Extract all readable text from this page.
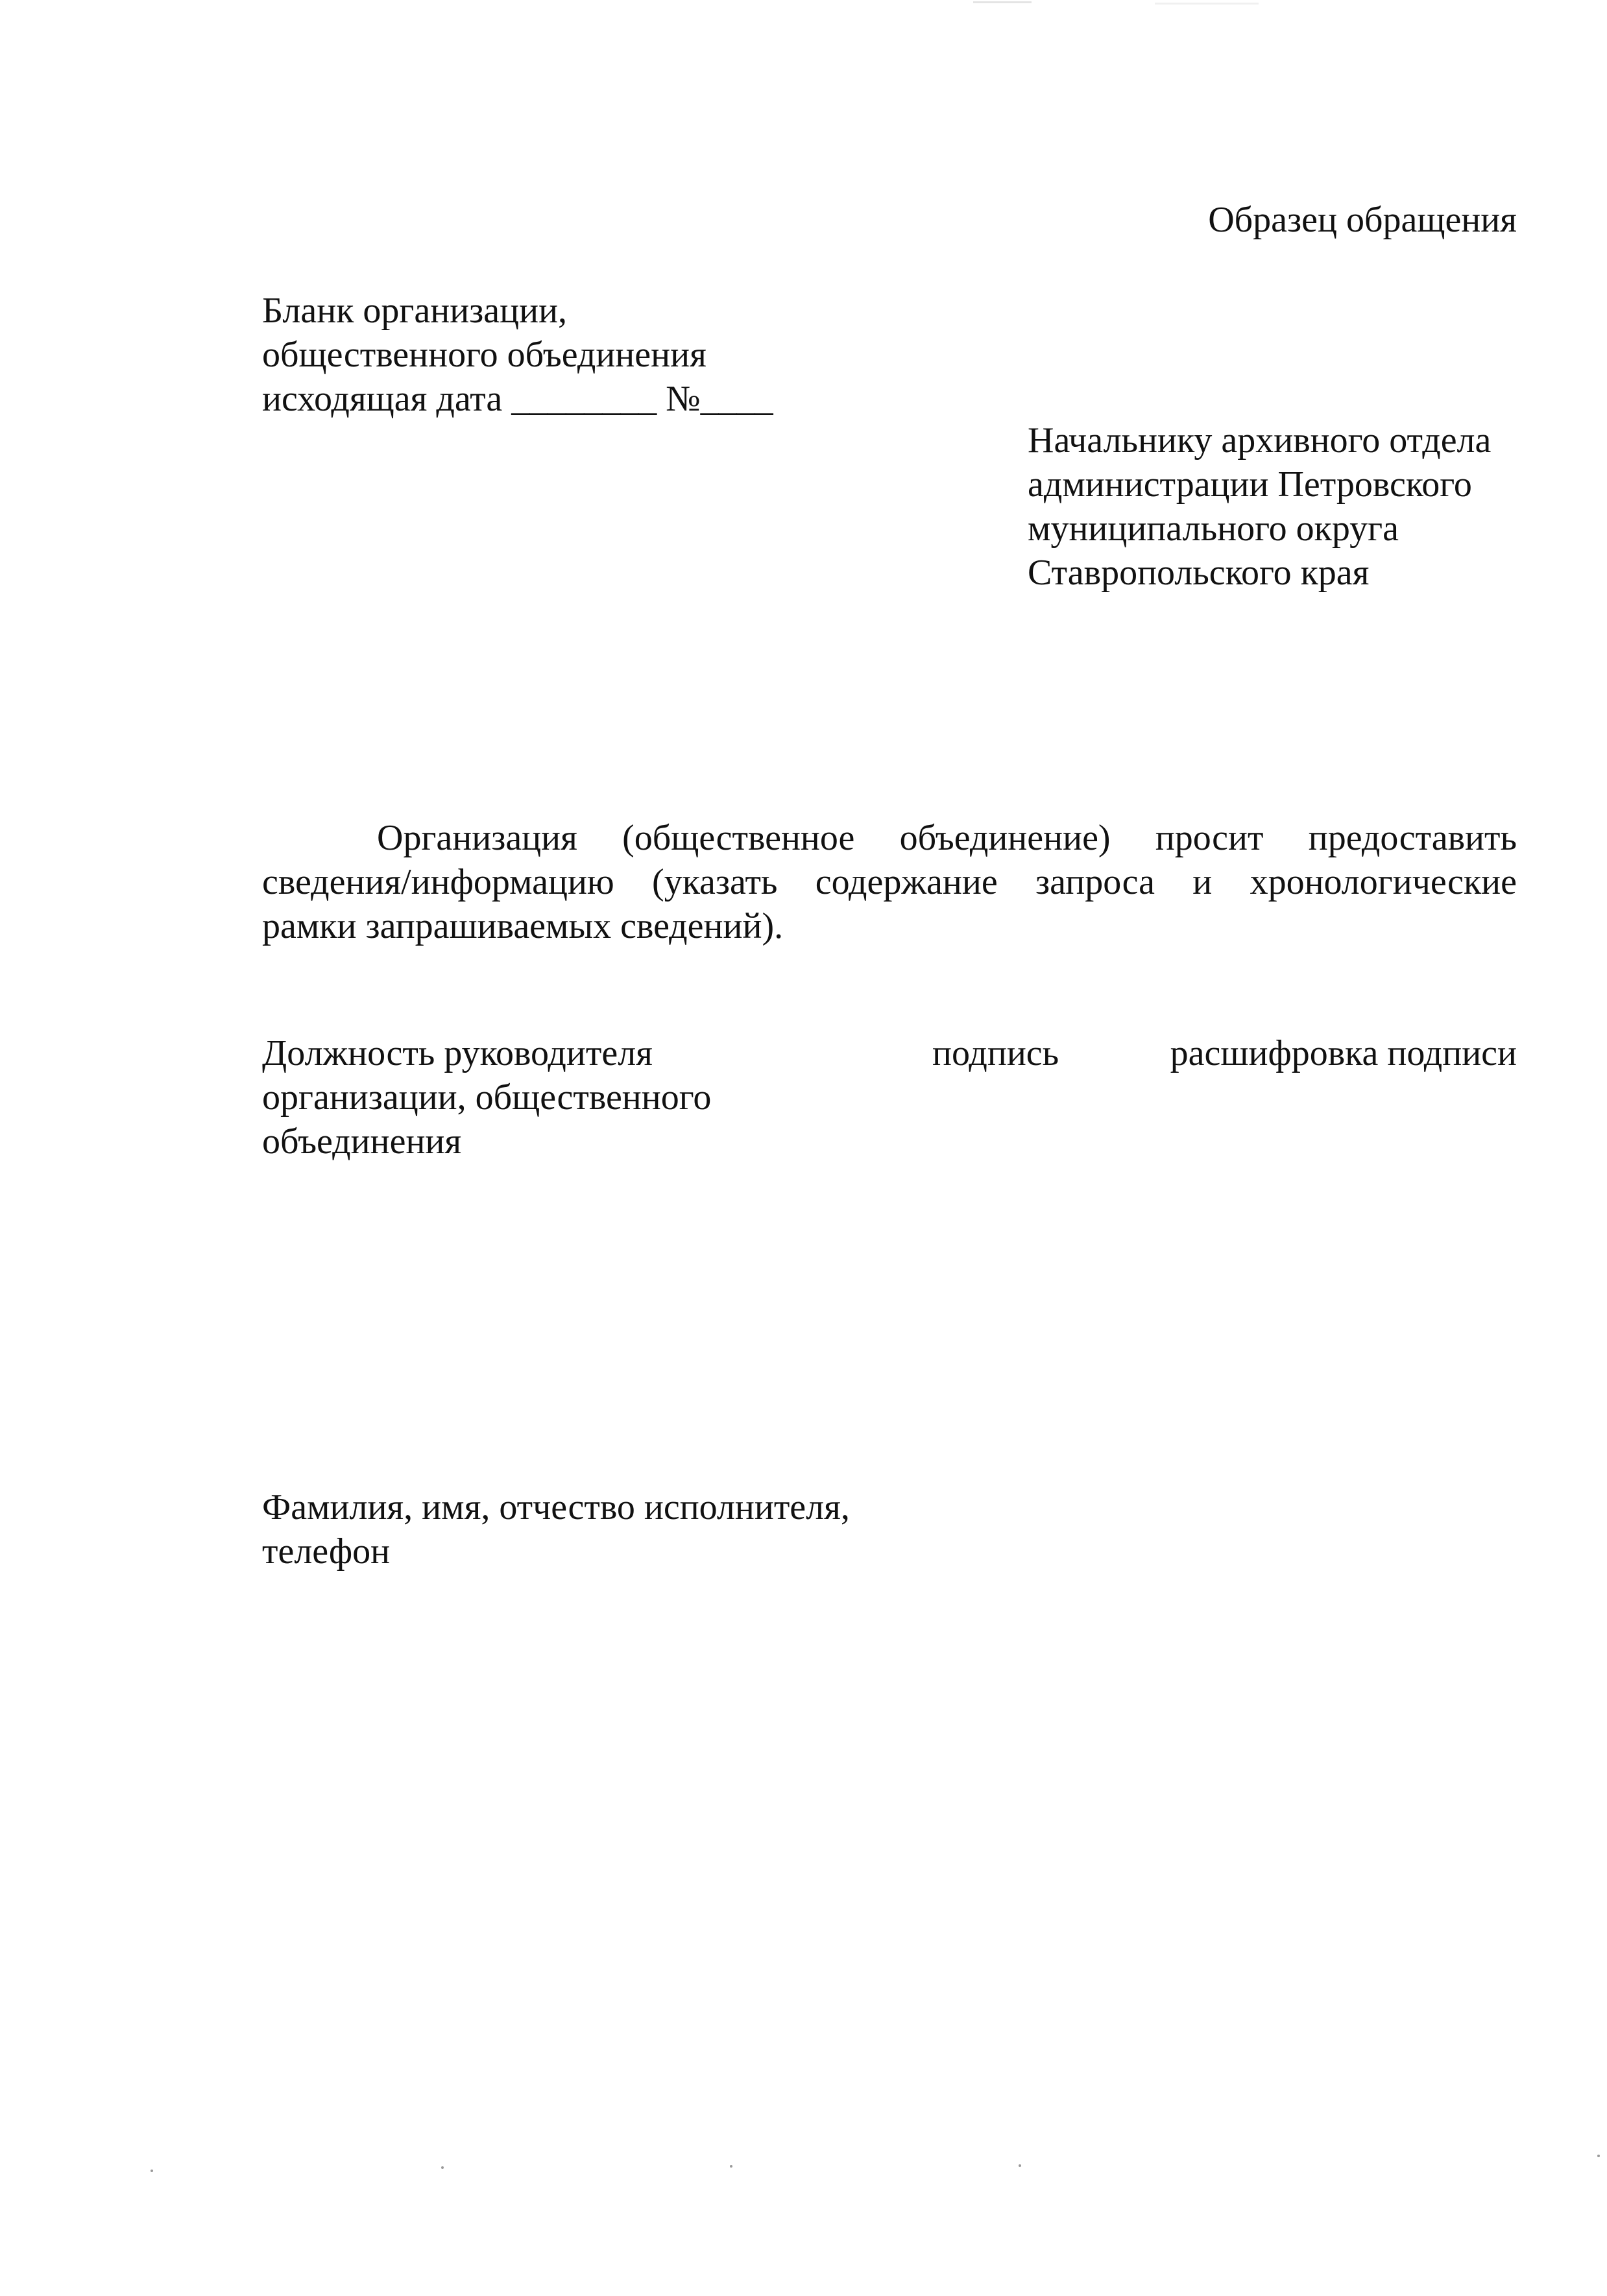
Образец обращения

Бланк организации,

общественного объединения

исходящая дата ________ №____

Начальнику архивного отдела

администрации Петровского

муниципального округа

Ставропольского края

Организация (общественное объединение) просит предоставить
сведения/информацию (указать содержание запроса и хронологические
рамки запрашиваемых сведений).

Должность руководителя

организации, общественного

объединения

подпись	расшифровка подписи

Фамилия, имя, отчество исполнителя,

телефон
